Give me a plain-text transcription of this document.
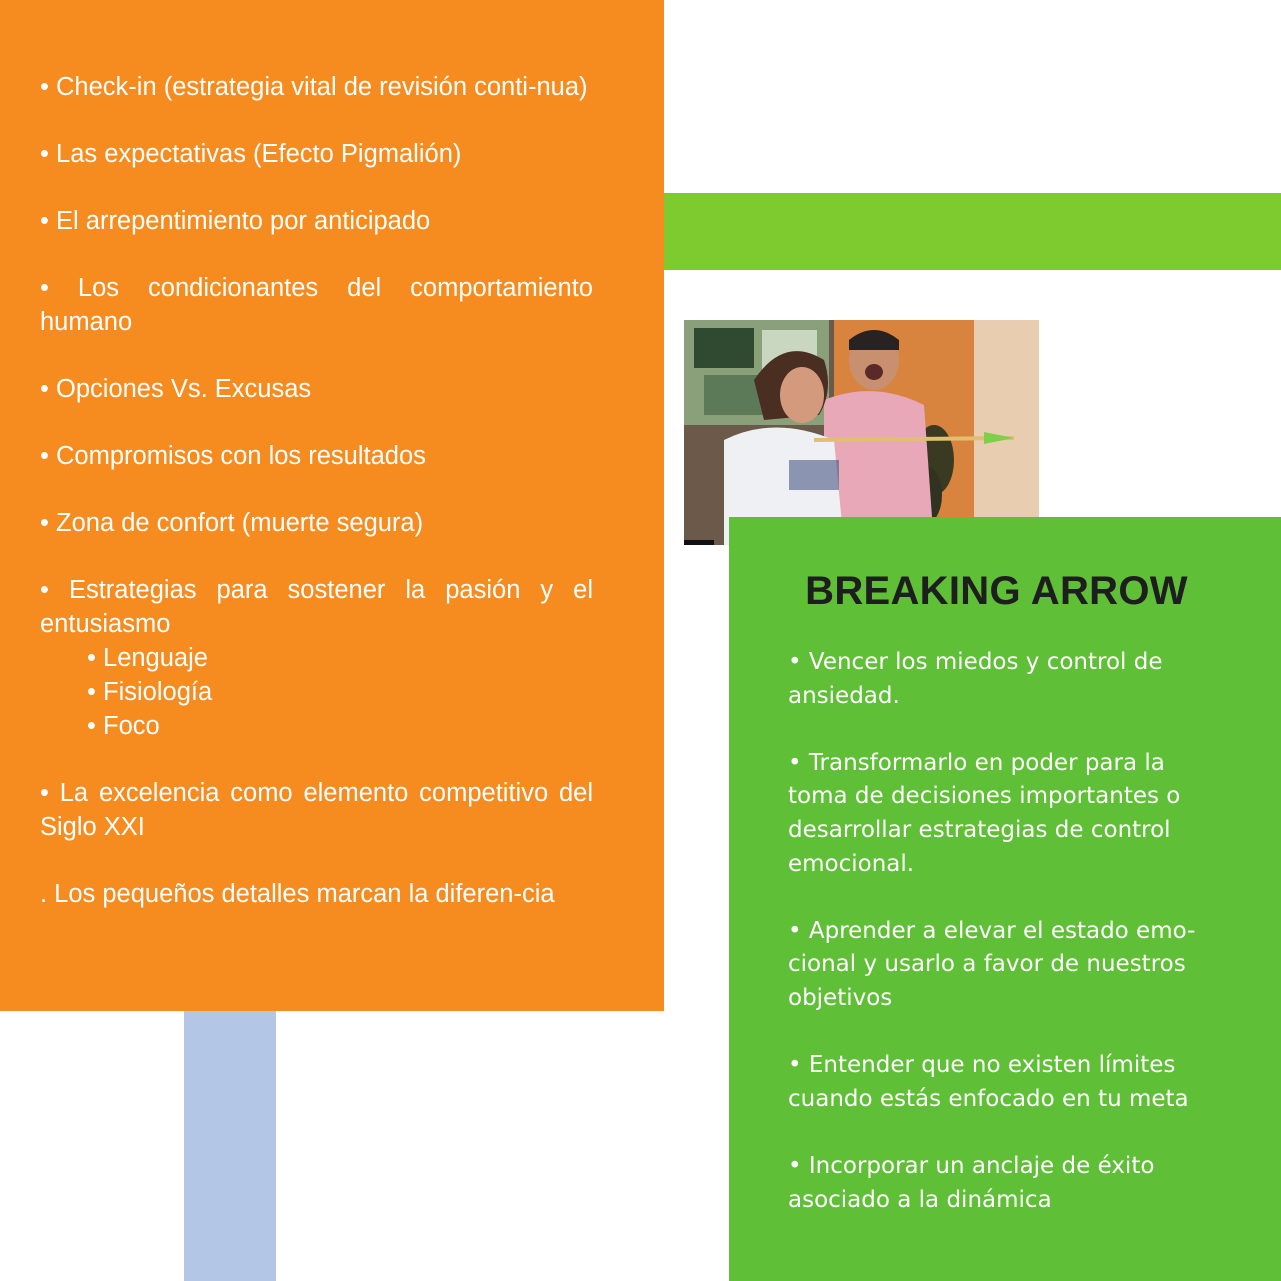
• Check-in (estrategia vital de revisión conti-nua)
• Las expectativas (Efecto Pigmalión)
• El arrepentimiento por anticipado
• Los condicionantes del comportamiento humano
• Opciones Vs. Excusas
• Compromisos con los resultados
• Zona de confort (muerte segura)
• Estrategias para sostener la pasión y el entusiasmo
• Lenguaje
• Fisiología
• Foco
• La excelencia como elemento competitivo del Siglo XXI
. Los pequeños detalles marcan la diferen-cia
BREAKING ARROW
• Vencer los miedos y control de ansiedad.
• Transformarlo en poder para la toma de decisiones importantes o desarrollar estrategias de control emocional.
• Aprender a elevar el estado emo-cional y usarlo a favor de nuestros objetivos
• Entender que no existen límites cuando estás enfocado en tu meta
• Incorporar un anclaje de éxito asociado a la dinámica
